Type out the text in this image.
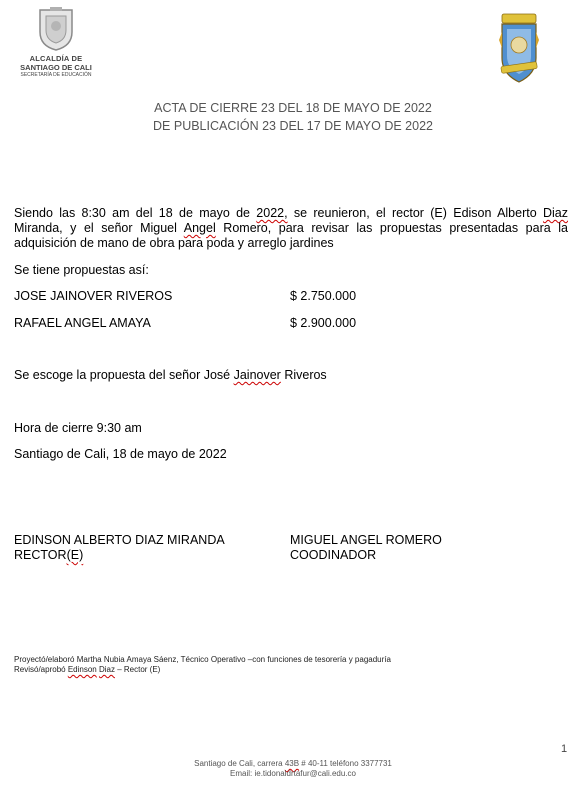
ALCALDÍA DE
SANTIAGO DE CALI
SECRETARÍA DE EDUCACIÓN
ACTA DE CIERRE 23 DEL 18 DE MAYO DE 2022
DE PUBLICACIÓN 23 DEL 17 DE MAYO DE 2022
Siendo las 8:30 am del 18 de mayo de 2022, se reunieron, el rector (E) Edison Alberto Diaz Miranda, y el señor Miguel Angel Romero, para revisar las propuestas presentadas para la adquisición de mano de obra para poda y arreglo jardines
Se tiene propuestas así:
JOSE JAINOVER RIVEROS	$ 2.750.000
RAFAEL ANGEL AMAYA	$ 2.900.000
Se escoge la propuesta del señor José Jainover Riveros
Hora de cierre 9:30 am
Santiago de Cali, 18 de mayo de 2022
EDINSON ALBERTO DIAZ MIRANDA
RECTOR(E)
MIGUEL ANGEL ROMERO
COODINADOR
Proyectó/elaboró Martha Nubia Amaya Sáenz, Técnico Operativo –con funciones de tesorería y pagaduría
Revisó/aprobó Edinson Diaz – Rector (E)
1
Santiago de Cali, carrera 43B # 40-11 teléfono 3377731
Email: ie.tidonaldrtafur@cali.edu.co
